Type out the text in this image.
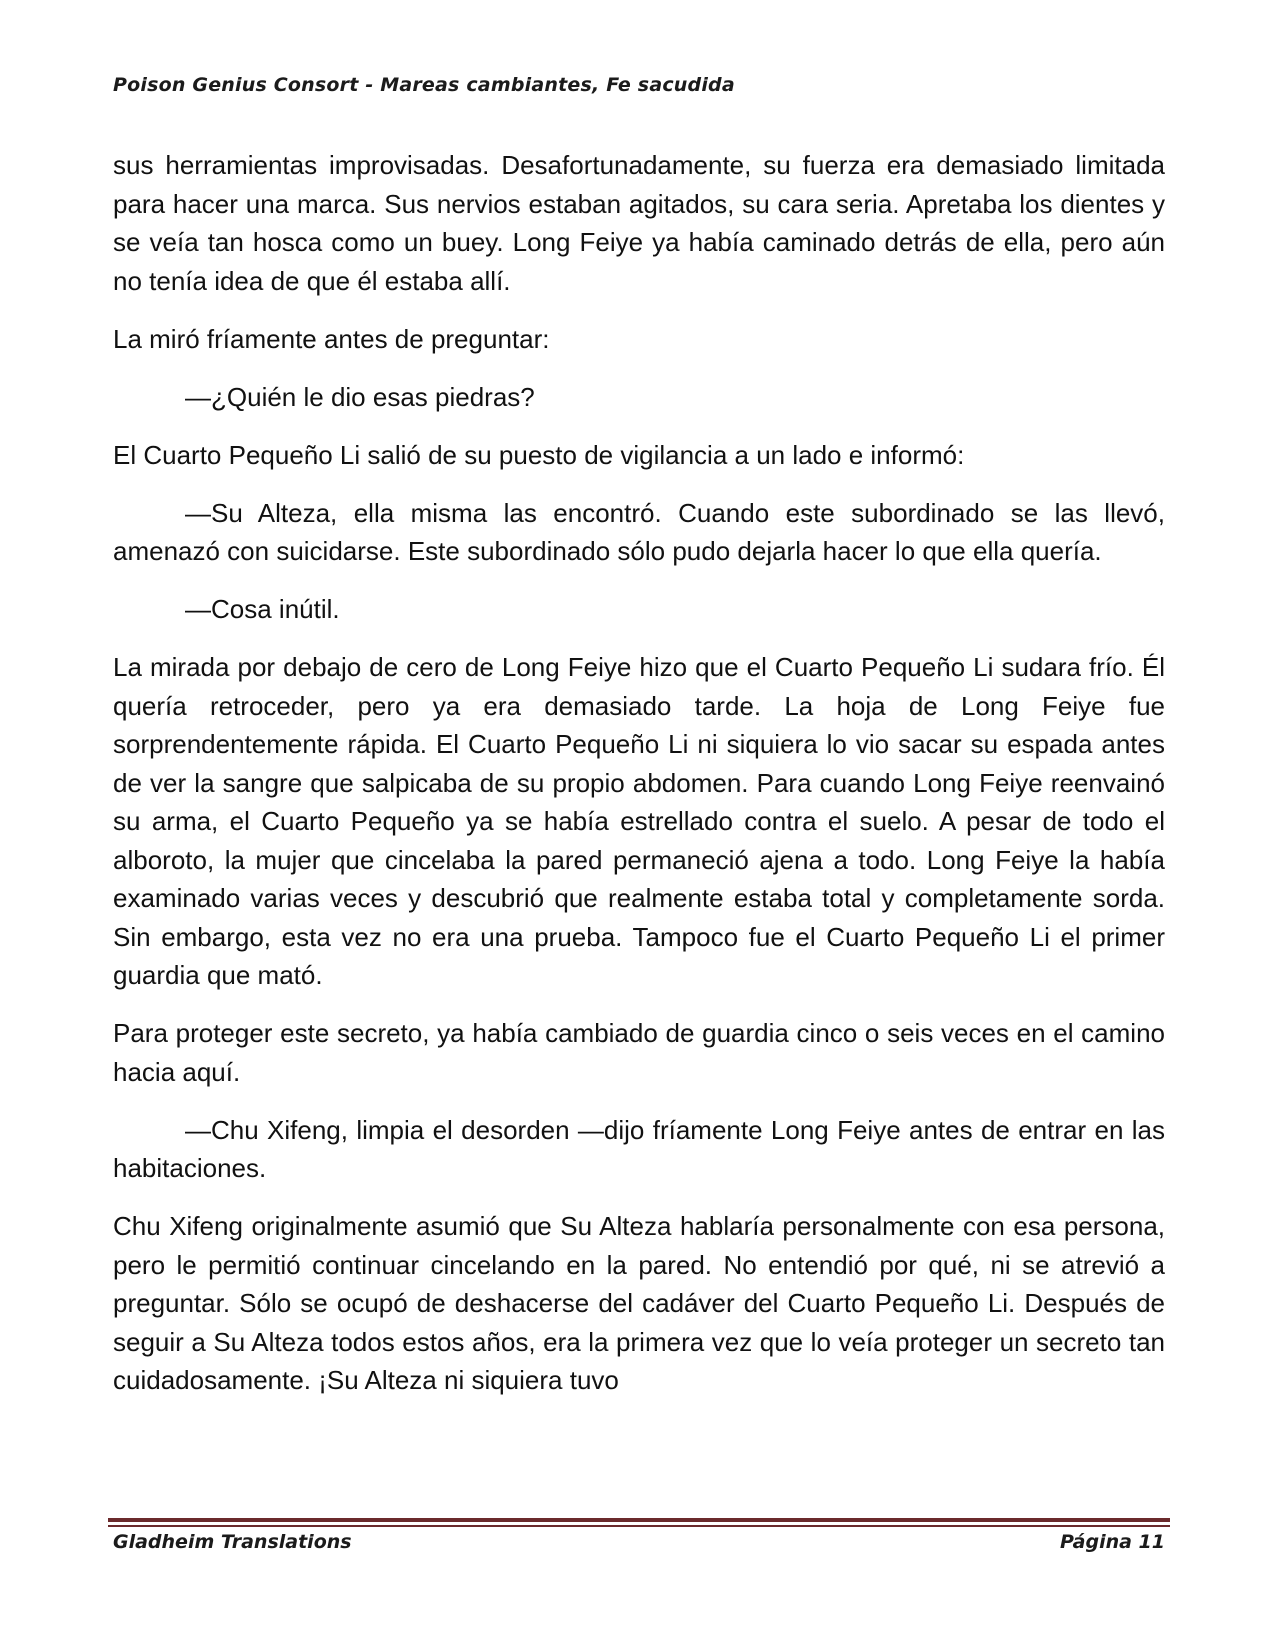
Poison Genius Consort - Mareas cambiantes, Fe sacudida

sus herramientas improvisadas. Desafortunadamente, su fuerza era demasiado limitada para hacer una marca. Sus nervios estaban agitados, su cara seria. Apretaba los dientes y se veía tan hosca como un buey. Long Feiye ya había caminado detrás de ella, pero aún no tenía idea de que él estaba allí.

La miró fríamente antes de preguntar:

—¿Quién le dio esas piedras?

El Cuarto Pequeño Li salió de su puesto de vigilancia a un lado e informó:

—Su Alteza, ella misma las encontró. Cuando este subordinado se las llevó, amenazó con suicidarse. Este subordinado sólo pudo dejarla hacer lo que ella quería.

—Cosa inútil.

La mirada por debajo de cero de Long Feiye hizo que el Cuarto Pequeño Li sudara frío. Él quería retroceder, pero ya era demasiado tarde. La hoja de Long Feiye fue sorprendentemente rápida. El Cuarto Pequeño Li ni siquiera lo vio sacar su espada antes de ver la sangre que salpicaba de su propio abdomen. Para cuando Long Feiye reenvainó su arma, el Cuarto Pequeño ya se había estrellado contra el suelo. A pesar de todo el alboroto, la mujer que cincelaba la pared permaneció ajena a todo. Long Feiye la había examinado varias veces y descubrió que realmente estaba total y completamente sorda. Sin embargo, esta vez no era una prueba. Tampoco fue el Cuarto Pequeño Li el primer guardia que mató.

Para proteger este secreto, ya había cambiado de guardia cinco o seis veces en el camino hacia aquí.

—Chu Xifeng, limpia el desorden —dijo fríamente Long Feiye antes de entrar en las habitaciones.

Chu Xifeng originalmente asumió que Su Alteza hablaría personalmente con esa persona, pero le permitió continuar cincelando en la pared. No entendió por qué, ni se atrevió a preguntar. Sólo se ocupó de deshacerse del cadáver del Cuarto Pequeño Li. Después de seguir a Su Alteza todos estos años, era la primera vez que lo veía proteger un secreto tan cuidadosamente. ¡Su Alteza ni siquiera tuvo

Gladheim Translations	Página 11
